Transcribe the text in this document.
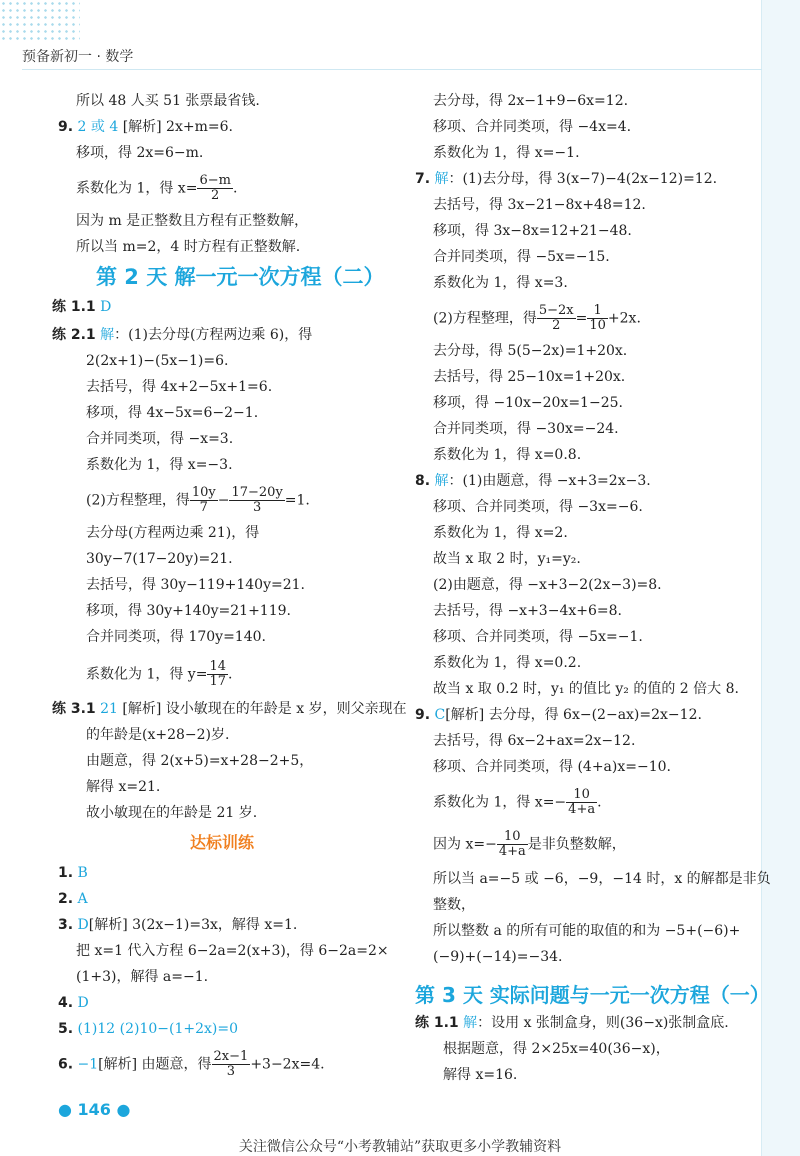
预备新初一 · 数学
所以 48 人买 51 张票最省钱.
9. 2 或 4 [解析] 2x+m=6.
移项，得 2x=6−m.
系数化为 1，得 $x= \frac{6-m}{2}$ .
因为 m 是正整数且方程有正整数解，
所以当 m=2，4 时方程有正整数解.
第 2 天 解一元一次方程（二）
练 1.1 D
练 2.1 解：(1)去分母(方程两边乘 6)，得
2(2x+1)−(5x−1)=6.
去括号，得 4x+2−5x+1=6.
移项，得 4x−5x=6−2−1.
合并同类项，得 −x=3.
系数化为 1，得 x=−3.
(2)方程整理，得 $\frac{10y}{7} - \frac{17-20y}{3} =1$.
去分母(方程两边乘 21)，得
30y−7(17−20y)=21.
去括号，得 30y−119+140y=21.
移项，得 30y+140y=21+119.
合并同类项，得 170y=140.
系数化为 1，得 $y= \frac{14}{17}$ .
练 3.1 21 [解析] 设小敏现在的年龄是 x 岁，则父亲现在
的年龄是(x+28−2)岁.
由题意，得 2(x+5)=x+28−2+5，
解得 x=21.
故小敏现在的年龄是 21 岁.
达标训练
1. B
2. A
3. D[解析] 3(2x−1)=3x，解得 x=1.
把 x=1 代入方程 6−2a=2(x+3)，得 6−2a=2×
(1+3)，解得 a=−1.
4. D
5. (1)12 (2)10−(1+2x)=0
6. −1[解析] 由题意，得 $\frac{2x-1}{3} +3-2x=4$.
去分母，得 2x−1+9−6x=12.
移项、合并同类项，得 −4x=4.
系数化为 1，得 x=−1.
7. 解：(1)去分母，得 3(x−7)−4(2x−12)=12.
去括号，得 3x−21−8x+48=12.
移项，得 3x−8x=12+21−48.
合并同类项，得 −5x=−15.
系数化为 1，得 x=3.
(2)方程整理，得 $\frac{5-2x}{2} = \frac{1}{10} +2x$.
去分母，得 5(5−2x)=1+20x.
去括号，得 25−10x=1+20x.
移项，得 −10x−20x=1−25.
合并同类项，得 −30x=−24.
系数化为 1，得 x=0.8.
8. 解：(1)由题意，得 −x+3=2x−3.
移项、合并同类项，得 −3x=−6.
系数化为 1，得 x=2.
故当 x 取 2 时，y₁=y₂.
(2)由题意，得 −x+3−2(2x−3)=8.
去括号，得 −x+3−4x+6=8.
移项、合并同类项，得 −5x=−1.
系数化为 1，得 x=0.2.
故当 x 取 0.2 时，y₁ 的值比 y₂ 的值的 2 倍大 8.
9. C[解析] 去分母，得 6x−(2−ax)=2x−12.
去括号，得 6x−2+ax=2x−12.
移项、合并同类项，得 (4+a)x=−10.
系数化为 1，得 $x=- \frac{10}{4+a}$ .
因为 $x=- \frac{10}{4+a}$ 是非负整数解，
所以当 a=−5 或 −6，−9，−14 时，x 的解都是非负
整数，
所以整数 a 的所有可能的取值的和为 −5+(−6)+
(−9)+(−14)=−34.
第 3 天 实际问题与一元一次方程（一）
练 1.1 解：设用 x 张制盒身，则(36−x)张制盒底.
根据题意，得 2×25x=40(36−x)，
解得 x=16.
● 146 ●
关注微信公众号“小考教辅站”获取更多小学教辅资料
